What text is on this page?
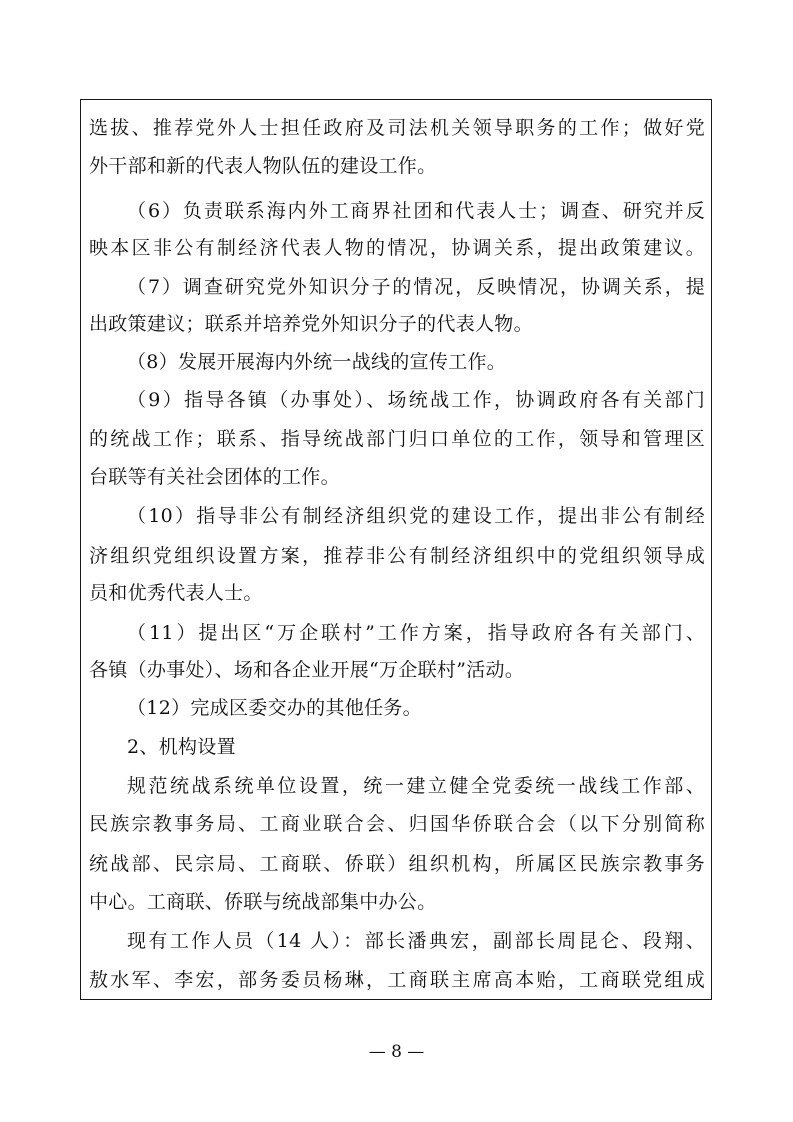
选拔、推荐党外人士担任政府及司法机关领导职务的工作；做好党
外干部和新的代表人物队伍的建设工作。
（6）负责联系海内外工商界社团和代表人士；调查、研究并反
映本区非公有制经济代表人物的情况，协调关系，提出政策建议。
（7）调查研究党外知识分子的情况，反映情况，协调关系，提
出政策建议；联系并培养党外知识分子的代表人物。
（8）发展开展海内外统一战线的宣传工作。
（9）指导各镇（办事处）、场统战工作，协调政府各有关部门
的统战工作；联系、指导统战部门归口单位的工作，领导和管理区
台联等有关社会团体的工作。
（10）指导非公有制经济组织党的建设工作，提出非公有制经
济组织党组织设置方案，推荐非公有制经济组织中的党组织领导成
员和优秀代表人士。
（11）提出区“万企联村”工作方案，指导政府各有关部门、
各镇（办事处）、场和各企业开展“万企联村”活动。
（12）完成区委交办的其他任务。
2、机构设置
规范统战系统单位设置，统一建立健全党委统一战线工作部、
民族宗教事务局、工商业联合会、归国华侨联合会（以下分别简称
统战部、民宗局、工商联、侨联）组织机构，所属区民族宗教事务
中心。工商联、侨联与统战部集中办公。
现有工作人员（14 人）：部长潘典宏，副部长周昆仑、段翔、
敖水军、李宏，部务委员杨琳，工商联主席高本贻，工商联党组成
— 8 —
